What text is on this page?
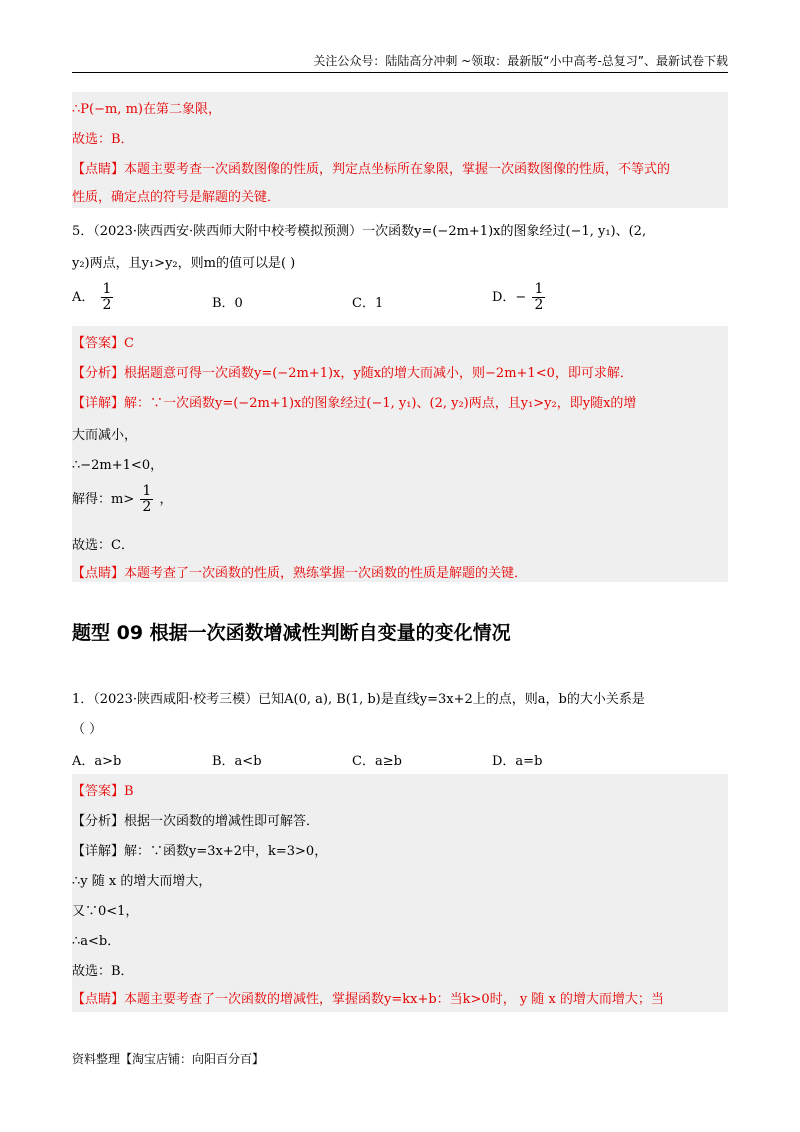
关注公众号：陆陆高分冲刺 ~领取：最新版“小中高考-总复习”、最新试卷下载
∴P(−m, m)在第二象限，
故选：B．
【点睛】本题主要考查一次函数图像的性质，判定点坐标所在象限，掌握一次函数图像的性质，不等式的
性质，确定点的符号是解题的关键．
5．（2023·陕西西安·陕西师大附中校考模拟预测）一次函数y=(−2m+1)x的图象经过(−1, y₁)、(2,
y₂)两点，且y₁>y₂，则m的值可以是( )
A． $\frac{1}{2}$	B．0	C．1	D．− $\frac{1}{2}$
【答案】C
【分析】根据题意可得一次函数y=(−2m+1)x，y随x的增大而减小，则−2m+1<0，即可求解．
【详解】解：∵一次函数y=(−2m+1)x的图象经过(−1, y₁)、(2, y₂)两点，且y₁>y₂，即y随x的增
大而减小，
∴−2m+1<0，
解得：$m> \frac{1}{2}$ ，
故选：C．
【点睛】本题考查了一次函数的性质，熟练掌握一次函数的性质是解题的关键．
题型 09 根据一次函数增减性判断自变量的变化情况
1．（2023·陕西咸阳·校考三模）已知A(0, a), B(1, b)是直线y=3x+2上的点，则a，b的大小关系是
（ ）
A．a>b	B．a<b	C．a≥b	D．a=b
【答案】B
【分析】根据一次函数的增减性即可解答．
【详解】解：∵函数y=3x+2中，k=3>0，
∴y 随 x 的增大而增大，
又∵0<1，
∴a<b．
故选：B．
【点睛】本题主要考查了一次函数的增减性，掌握函数y=kx+b：当k>0时， y 随 x 的增大而增大；当
资料整理【淘宝店铺：向阳百分百】
